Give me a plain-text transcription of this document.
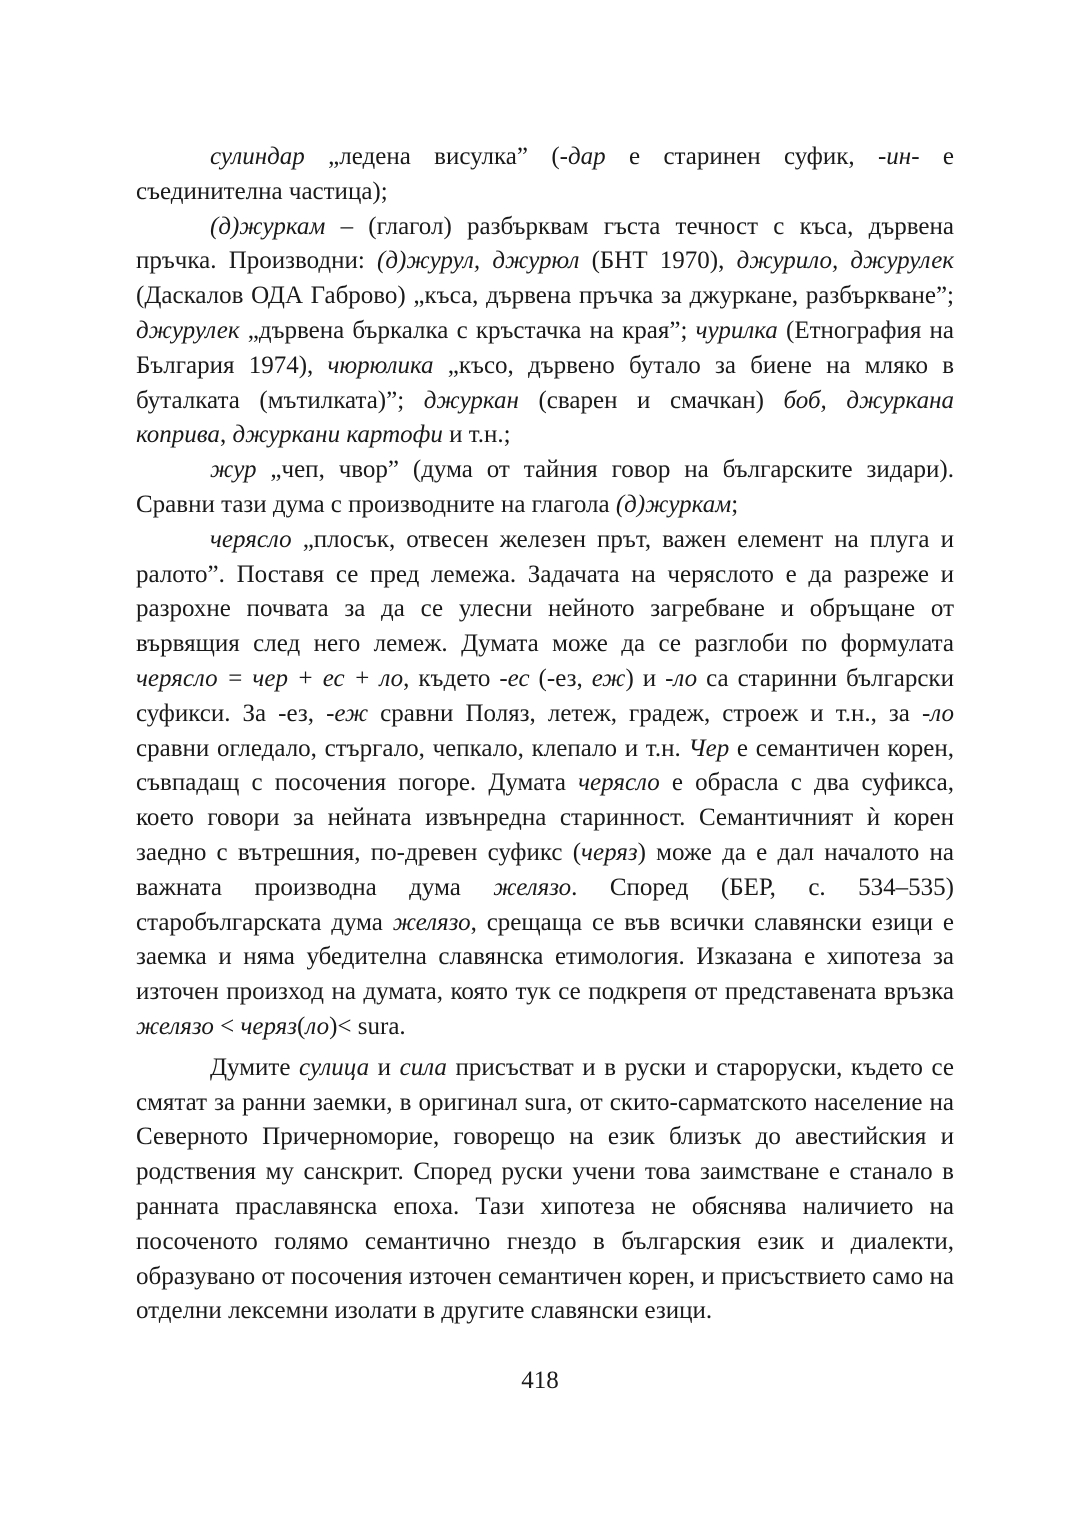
сулиндар „ледена висулка” (-дар е старинен суфик, -ин- е съединителна частица);

(д)журкам – (глагол) разбърквам гъста течност с къса, дървена пръчка. Производни: (д)журул, джурюл (БНТ 1970), джурило, джурулек (Даскалов ОДА Габрово) „къса, дървена пръчка за джуркане, разбъркване”; джурулек „дървена бъркалка с кръстачка на края”; чурилка (Етнография на България 1974), чюрюлика „късо, дървено бутало за биене на мляко в буталката (мътилката)”; джуркан (сварен и смачкан) боб, джуркана коприва, джуркани картофи и т.н.;

жур „чеп, чвор” (дума от тайния говор на българските зидари). Сравни тази дума с производните на глагола (д)журкам;

черясло „плосък, отвесен железен прът, важен елемент на плуга и ралото”. Поставя се пред лемежа. Задачата на черяслото е да разреже и разрохне почвата за да се улесни нейното загребване и обръщане от вървящия след него лемеж. Думата може да се разглоби по формулата черясло = чер + ес + ло, където -ес (-ез, еж) и -ло са старинни български суфикси. За -ез, -еж сравни Поляз, летеж, градеж, строеж и т.н., за -ло сравни огледало, стъргало, чепкало, клепало и т.н. Чер е семантичен корен, съвпадащ с посочения погоре. Думата черясло е обрасла с два суфикса, което говори за нейната извънредна старинност. Семантичният ѝ корен заедно с вътрешния, по-древен суфикс (черяз) може да е дал началото на важната производна дума желязо. Според (БЕР, с. 534–535) старобългарската дума желязо, срещаща се във всички славянски езици е заемка и няма убедителна славянска етимология. Изказана е хипотеза за източен произход на думата, която тук се подкрепя от представената връзка желязо < черяз(ло)< sura.

Думите сулица и сила присъстват и в руски и староруски, където се смятат за ранни заемки, в оригинал sura, от скито-сарматското население на Северното Причерноморие, говорещо на език близък до авестийския и родствения му санскрит. Според руски учени това заимстване е станало в ранната праславянска епоха. Тази хипотеза не обяснява наличието на посоченото голямо семантично гнездо в българския език и диалекти, образувано от посочения източен семантичен корен, и присъствието само на отделни лексемни изолати в другите славянски езици.

418
